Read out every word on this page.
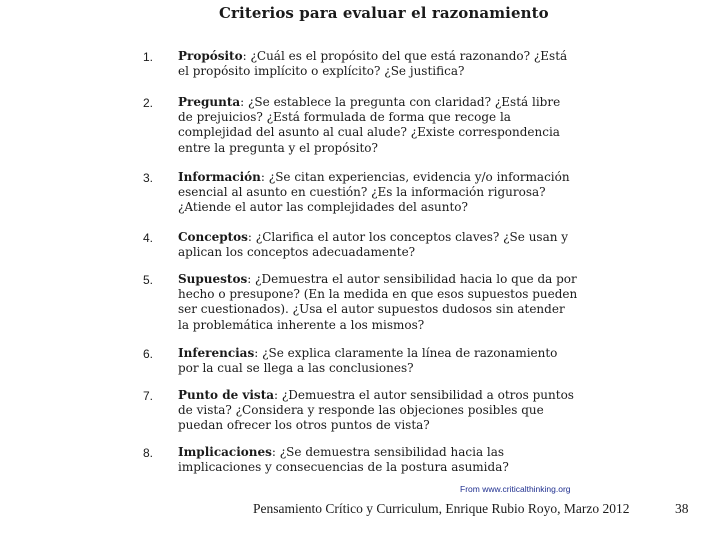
Criterios para evaluar el razonamiento
1. Propósito: ¿Cuál es el propósito del que está razonando? ¿Está el propósito implícito o explícito? ¿Se justifica?

2. Pregunta: ¿Se establece la pregunta con claridad? ¿Está libre de prejuicios? ¿Está formulada de forma que recoge la complejidad del asunto al cual alude? ¿Existe correspondencia entre la pregunta y el propósito?

3. Información: ¿Se citan experiencias, evidencia y/o información esencial al asunto en cuestión? ¿Es la información rigurosa? ¿Atiende el autor las complejidades del asunto?

4. Conceptos: ¿Clarifica el autor los conceptos claves? ¿Se usan y aplican los conceptos adecuadamente?

5. Supuestos: ¿Demuestra el autor sensibilidad hacia lo que da por hecho o presupone? (En la medida en que esos supuestos pueden ser cuestionados). ¿Usa el autor supuestos dudosos sin atender la problemática inherente a los mismos?

6. Inferencias: ¿Se explica claramente la línea de razonamiento por la cual se llega a las conclusiones?

7. Punto de vista: ¿Demuestra el autor sensibilidad a otros puntos de vista? ¿Considera y responde las objeciones posibles que puedan ofrecer los otros puntos de vista?

8. Implicaciones: ¿Se demuestra sensibilidad hacia las implicaciones y consecuencias de la postura asumida?

From www.criticalthinking.org
Pensamiento Crítico y Curriculum, Enrique Rubio Royo, Marzo 2012	38
